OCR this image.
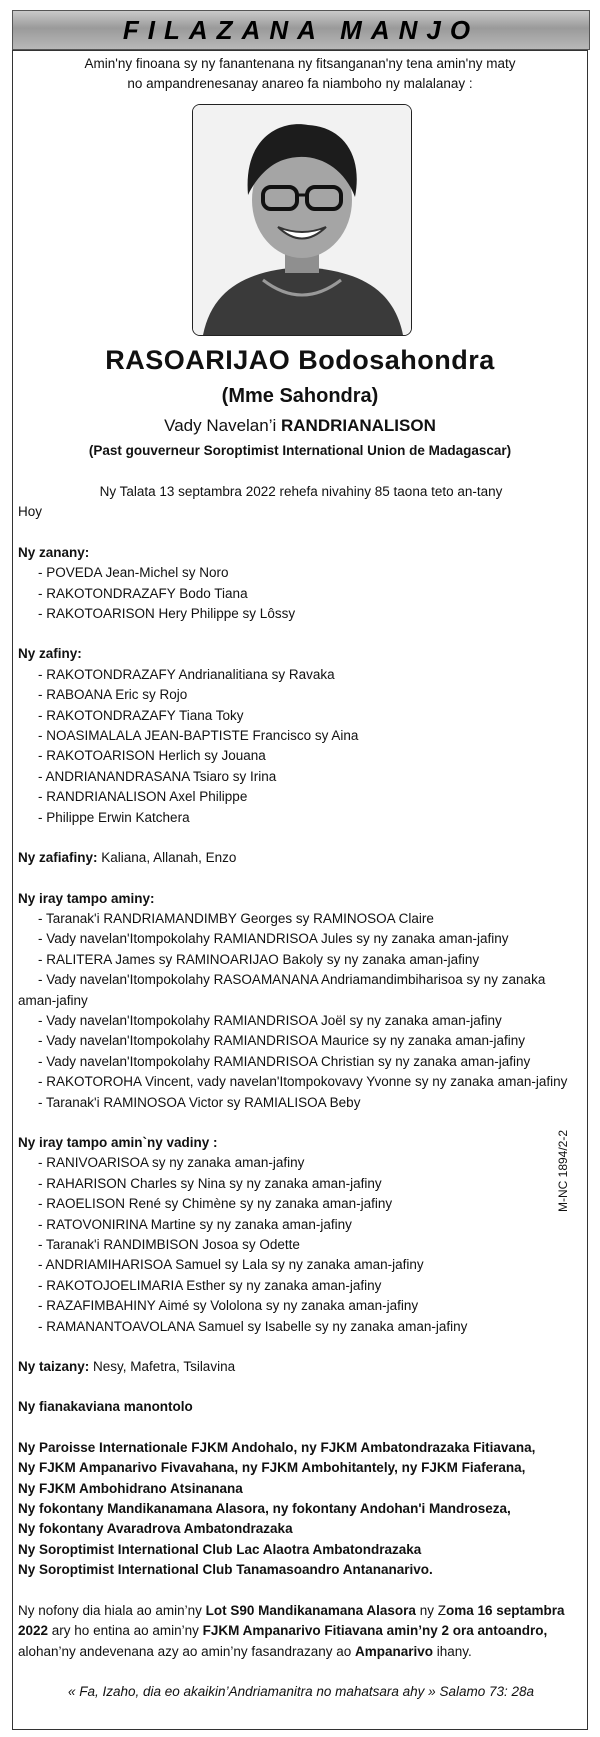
FILAZANA MANJO
Amin'ny finoana sy ny fanantenana ny fitsanganan'ny tena amin'ny maty
no ampandrenesanay anareo fa niamboho ny malalanay :
RASOARIJAO Bodosahondra
(Mme Sahondra)
Vady Navelan’i RANDRIANALISON
(Past gouverneur Soroptimist International Union de Madagascar)

Ny Talata 13 septambra 2022 rehefa nivahiny 85 taona teto an-tany

Hoy

Ny zanany:

- POVEDA Jean-Michel sy Noro
- RAKOTONDRAZAFY Bodo Tiana
- RAKOTOARISON Hery Philippe sy Lôssy

Ny zafiny:

- RAKOTONDRAZAFY Andrianalitiana sy Ravaka
- RABOANA Eric sy Rojo
- RAKOTONDRAZAFY Tiana Toky
- NOASIMALALA JEAN-BAPTISTE Francisco sy Aina
- RAKOTOARISON Herlich sy Jouana
- ANDRIANANDRASANA Tsiaro sy Irina
- RANDRIANALISON Axel Philippe
- Philippe Erwin Katchera

Ny zafiafiny: Kaliana, Allanah, Enzo

Ny iray tampo aminy:

- Taranak'i RANDRIAMANDIMBY Georges sy RAMINOSOA Claire
- Vady navelan'Itompokolahy RAMIANDRISOA Jules sy ny zanaka aman-jafiny
- RALITERA James sy RAMINOARIJAO Bakoly sy ny zanaka aman-jafiny
- Vady navelan'Itompokolahy RASOAMANANA Andriamandimbiharisoa sy ny zanaka
aman-jafiny
- Vady navelan'Itompokolahy RAMIANDRISOA Joël sy ny zanaka aman-jafiny
- Vady navelan'Itompokolahy RAMIANDRISOA Maurice sy ny zanaka aman-jafiny
- Vady navelan'Itompokolahy RAMIANDRISOA Christian sy ny zanaka aman-jafiny
- RAKOTOROHA Vincent, vady navelan'Itompokovavy Yvonne sy ny zanaka aman-jafiny
- Taranak'i RAMINOSOA Victor sy RAMIALISOA Beby

Ny iray tampo amin`ny vadiny :

- RANIVOARISOA sy ny zanaka aman-jafiny
- RAHARISON Charles sy Nina sy ny zanaka aman-jafiny
- RAOELISON René sy Chimène sy ny zanaka aman-jafiny
- RATOVONIRINA Martine sy ny zanaka aman-jafiny
- Taranak'i RANDIMBISON Josoa sy Odette
- ANDRIAMIHARISOA Samuel sy Lala sy ny zanaka aman-jafiny
- RAKOTOJOELIMARIA Esther sy ny zanaka aman-jafiny
- RAZAFIMBAHINY Aimé sy Vololona sy ny zanaka aman-jafiny
- RAMANANTOAVOLANA Samuel sy Isabelle sy ny zanaka aman-jafiny

Ny taizany: Nesy, Mafetra, Tsilavina

Ny fianakaviana manontolo

Ny Paroisse Internationale FJKM Andohalo, ny FJKM Ambatondrazaka Fitiavana,
Ny FJKM Ampanarivo Fivavahana, ny FJKM Ambohitantely, ny FJKM Fiaferana,
Ny FJKM Ambohidrano Atsinanana
Ny fokontany Mandikanamana Alasora, ny fokontany Andohan'i Mandroseza,
Ny fokontany Avaradrova Ambatondrazaka
Ny Soroptimist International Club Lac Alaotra Ambatondrazaka
Ny Soroptimist International Club Tanamasoandro Antananarivo.

Ny nofony dia hiala ao amin’ny Lot S90 Mandikanamana Alasora ny Zoma 16 septambra 2022 ary ho entina ao amin’ny FJKM Ampanarivo Fitiavana amin’ny 2 ora antoandro, alohan’ny andevenana azy ao amin’ny fasandrazany ao Ampanarivo ihany.

« Fa, Izaho, dia eo akaikin’Andriamanitra no mahatsara ahy » Salamo 73: 28a

M-NC 1894/2-2
